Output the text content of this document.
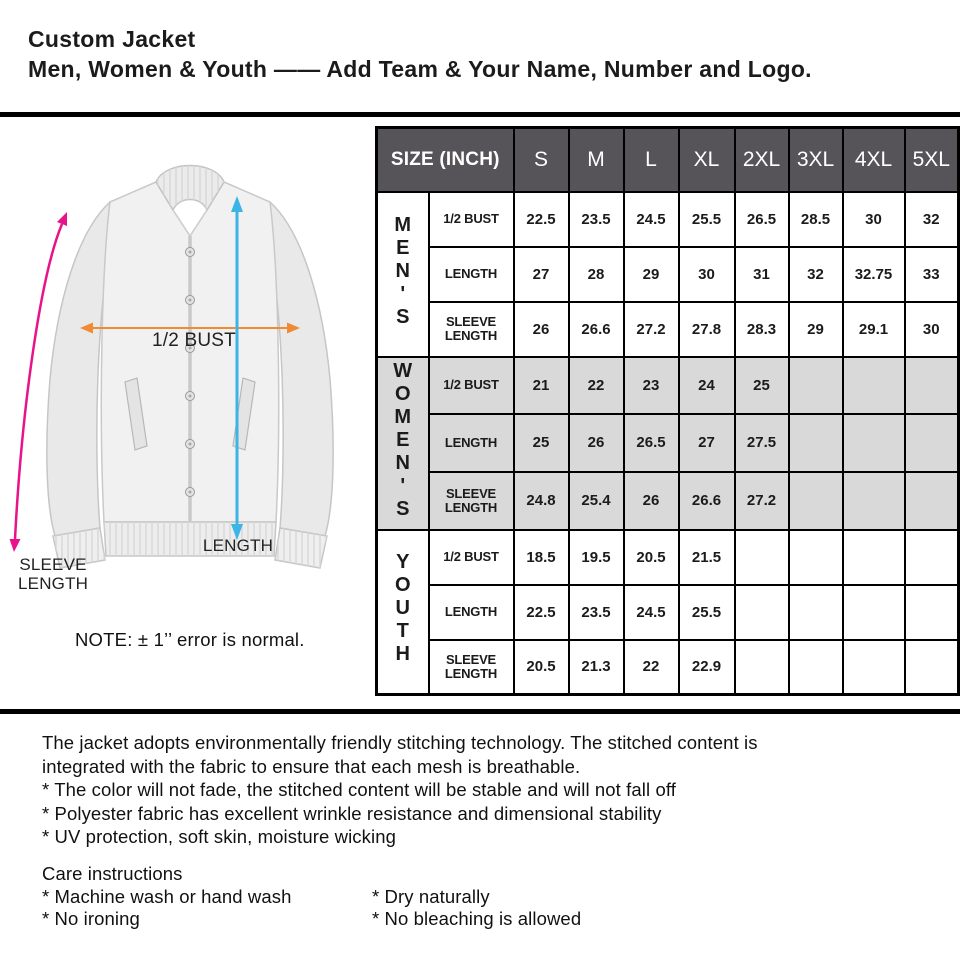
Custom Jacket
Men, Women & Youth —— Add Team & Your Name, Number and Logo.
1/2 BUST
LENGTH
SLEEVE LENGTH
NOTE: ± 1’’ error is normal.
SIZE (INCH)		S	M	L	XL	2XL	3XL	4XL	5XL
MEN'S	1/2 BUST	22.5	23.5	24.5	25.5	26.5	28.5	30	32
	LENGTH	27	28	29	30	31	32	32.75	33
	SLEEVE LENGTH	26	26.6	27.2	27.8	28.3	29	29.1	30
WOMEN'S	1/2 BUST	21	22	23	24	25			
	LENGTH	25	26	26.5	27	27.5			
	SLEEVE LENGTH	24.8	25.4	26	26.6	27.2			
YOUTH	1/2 BUST	18.5	19.5	20.5	21.5				
	LENGTH	22.5	23.5	24.5	25.5				
	SLEEVE LENGTH	20.5	21.3	22	22.9				
The jacket adopts environmentally friendly stitching technology. The stitched content is
integrated with the fabric to ensure that each mesh is breathable.
* The color will not fade, the stitched content will be stable and will not fall off
* Polyester fabric has excellent wrinkle resistance and dimensional stability
* UV protection, soft skin, moisture wicking
Care instructions
* Machine wash or hand wash	* Dry naturally
* No ironing	* No bleaching is allowed
